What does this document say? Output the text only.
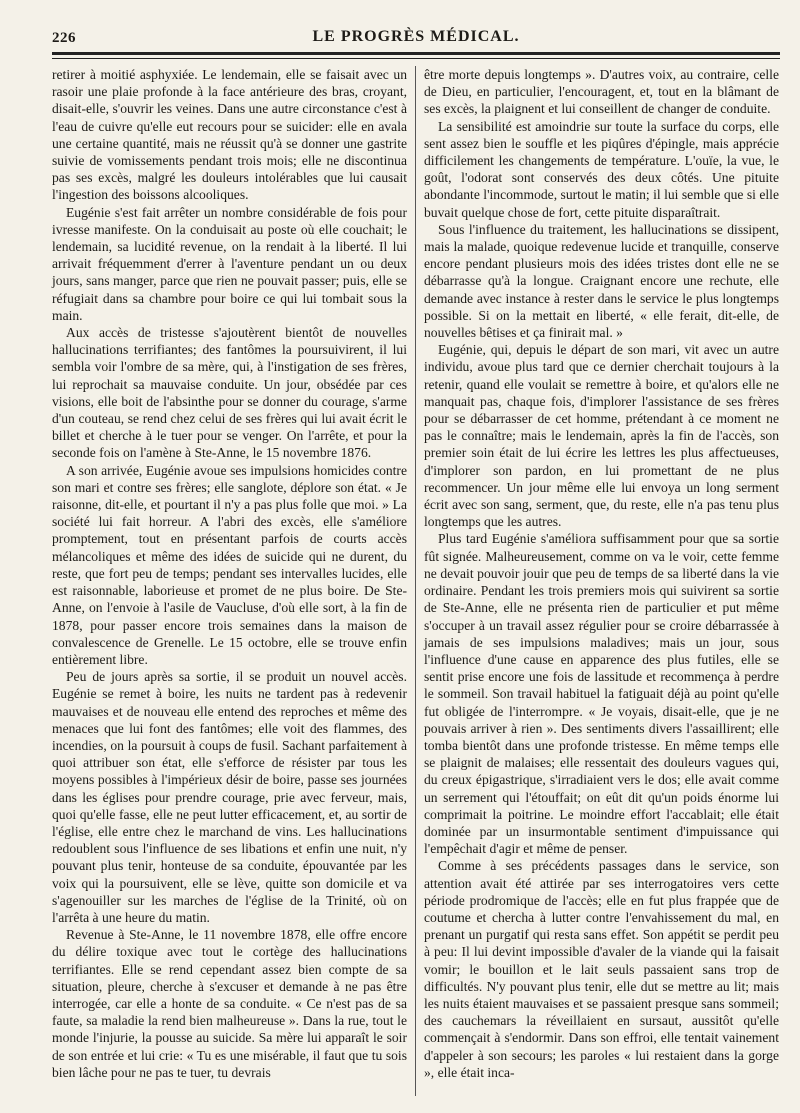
226	LE PROGRÈS MÉDICAL.

retirer à moitié asphyxiée. Le lendemain, elle se faisait avec un rasoir une plaie profonde à la face antérieure des bras, croyant, disait-elle, s'ouvrir les veines. Dans une autre circonstance c'est à l'eau de cuivre qu'elle eut recours pour se suicider: elle en avala une certaine quantité, mais ne réussit qu'à se donner une gastrite suivie de vomissements pendant trois mois; elle ne discontinua pas ses excès, malgré les douleurs intolérables que lui causait l'ingestion des boissons alcooliques.

Eugénie s'est fait arrêter un nombre considérable de fois pour ivresse manifeste. On la conduisait au poste où elle couchait; le lendemain, sa lucidité revenue, on la rendait à la liberté. Il lui arrivait fréquemment d'errer à l'aventure pendant un ou deux jours, sans manger, parce que rien ne pouvait passer; puis, elle se réfugiait dans sa chambre pour boire ce qui lui tombait sous la main.

Aux accès de tristesse s'ajoutèrent bientôt de nouvelles hallucinations terrifiantes; des fantômes la poursuivirent, il lui sembla voir l'ombre de sa mère, qui, à l'instigation de ses frères, lui reprochait sa mauvaise conduite. Un jour, obsédée par ces visions, elle boit de l'absinthe pour se donner du courage, s'arme d'un couteau, se rend chez celui de ses frères qui lui avait écrit le billet et cherche à le tuer pour se venger. On l'arrête, et pour la seconde fois on l'amène à Ste-Anne, le 15 novembre 1876.

A son arrivée, Eugénie avoue ses impulsions homicides contre son mari et contre ses frères; elle sanglote, déplore son état. « Je raisonne, dit-elle, et pourtant il n'y a pas plus folle que moi. » La société lui fait horreur. A l'abri des excès, elle s'améliore promptement, tout en présentant parfois de courts accès mélancoliques et même des idées de suicide qui ne durent, du reste, que fort peu de temps; pendant ses intervalles lucides, elle est raisonnable, laborieuse et promet de ne plus boire. De Ste-Anne, on l'envoie à l'asile de Vaucluse, d'où elle sort, à la fin de 1878, pour passer encore trois semaines dans la maison de convalescence de Grenelle. Le 15 octobre, elle se trouve enfin entièrement libre.

Peu de jours après sa sortie, il se produit un nouvel accès. Eugénie se remet à boire, les nuits ne tardent pas à redevenir mauvaises et de nouveau elle entend des reproches et même des menaces que lui font des fantômes; elle voit des flammes, des incendies, on la poursuit à coups de fusil. Sachant parfaitement à quoi attribuer son état, elle s'efforce de résister par tous les moyens possibles à l'impérieux désir de boire, passe ses journées dans les églises pour prendre courage, prie avec ferveur, mais, quoi qu'elle fasse, elle ne peut lutter efficacement, et, au sortir de l'église, elle entre chez le marchand de vins. Les hallucinations redoublent sous l'influence de ses libations et enfin une nuit, n'y pouvant plus tenir, honteuse de sa conduite, épouvantée par les voix qui la poursuivent, elle se lève, quitte son domicile et va s'agenouiller sur les marches de l'église de la Trinité, où on l'arrêta à une heure du matin.

Revenue à Ste-Anne, le 11 novembre 1878, elle offre encore du délire toxique avec tout le cortège des hallucinations terrifiantes. Elle se rend cependant assez bien compte de sa situation, pleure, cherche à s'excuser et demande à ne pas être interrogée, car elle a honte de sa conduite. « Ce n'est pas de sa faute, sa maladie la rend bien malheureuse ». Dans la rue, tout le monde l'injurie, la pousse au suicide. Sa mère lui apparaît le soir de son entrée et lui crie: « Tu es une misérable, il faut que tu sois bien lâche pour ne pas te tuer, tu devrais

être morte depuis longtemps ». D'autres voix, au contraire, celle de Dieu, en particulier, l'encouragent, et, tout en la blâmant de ses excès, la plaignent et lui conseillent de changer de conduite.

La sensibilité est amoindrie sur toute la surface du corps, elle sent assez bien le souffle et les piqûres d'épingle, mais apprécie difficilement les changements de température. L'ouïe, la vue, le goût, l'odorat sont conservés des deux côtés. Une pituite abondante l'incommode, surtout le matin; il lui semble que si elle buvait quelque chose de fort, cette pituite disparaîtrait.

Sous l'influence du traitement, les hallucinations se dissipent, mais la malade, quoique redevenue lucide et tranquille, conserve encore pendant plusieurs mois des idées tristes dont elle ne se débarrasse qu'à la longue. Craignant encore une rechute, elle demande avec instance à rester dans le service le plus longtemps possible. Si on la mettait en liberté, « elle ferait, dit-elle, de nouvelles bêtises et ça finirait mal. »

Eugénie, qui, depuis le départ de son mari, vit avec un autre individu, avoue plus tard que ce dernier cherchait toujours à la retenir, quand elle voulait se remettre à boire, et qu'alors elle ne manquait pas, chaque fois, d'implorer l'assistance de ses frères pour se débarrasser de cet homme, prétendant à ce moment ne pas le connaître; mais le lendemain, après la fin de l'accès, son premier soin était de lui écrire les lettres les plus affectueuses, d'implorer son pardon, en lui promettant de ne plus recommencer. Un jour même elle lui envoya un long serment écrit avec son sang, serment, que, du reste, elle n'a pas tenu plus longtemps que les autres.

Plus tard Eugénie s'améliora suffisamment pour que sa sortie fût signée. Malheureusement, comme on va le voir, cette femme ne devait pouvoir jouir que peu de temps de sa liberté dans la vie ordinaire. Pendant les trois premiers mois qui suivirent sa sortie de Ste-Anne, elle ne présenta rien de particulier et put même s'occuper à un travail assez régulier pour se croire débarrassée à jamais de ses impulsions maladives; mais un jour, sous l'influence d'une cause en apparence des plus futiles, elle se sentit prise encore une fois de lassitude et recommença à perdre le sommeil. Son travail habituel la fatiguait déjà au point qu'elle fut obligée de l'interrompre. « Je voyais, disait-elle, que je ne pouvais arriver à rien ». Des sentiments divers l'assaillirent; elle tomba bientôt dans une profonde tristesse. En même temps elle se plaignit de malaises; elle ressentait des douleurs vagues qui, du creux épigastrique, s'irradiaient vers le dos; elle avait comme un serrement qui l'étouffait; on eût dit qu'un poids énorme lui comprimait la poitrine. Le moindre effort l'accablait; elle était dominée par un insurmontable sentiment d'impuissance qui l'empêchait d'agir et même de penser.

Comme à ses précédents passages dans le service, son attention avait été attirée par ses interrogatoires vers cette période prodromique de l'accès; elle en fut plus frappée que de coutume et chercha à lutter contre l'envahissement du mal, en prenant un purgatif qui resta sans effet. Son appétit se perdit peu à peu: Il lui devint impossible d'avaler de la viande qui la faisait vomir; le bouillon et le lait seuls passaient sans trop de difficultés. N'y pouvant plus tenir, elle dut se mettre au lit; mais les nuits étaient mauvaises et se passaient presque sans sommeil; des cauchemars la réveillaient en sursaut, aussitôt qu'elle commençait à s'endormir. Dans son effroi, elle tentait vainement d'appeler à son secours; les paroles « lui restaient dans la gorge », elle était inca-
